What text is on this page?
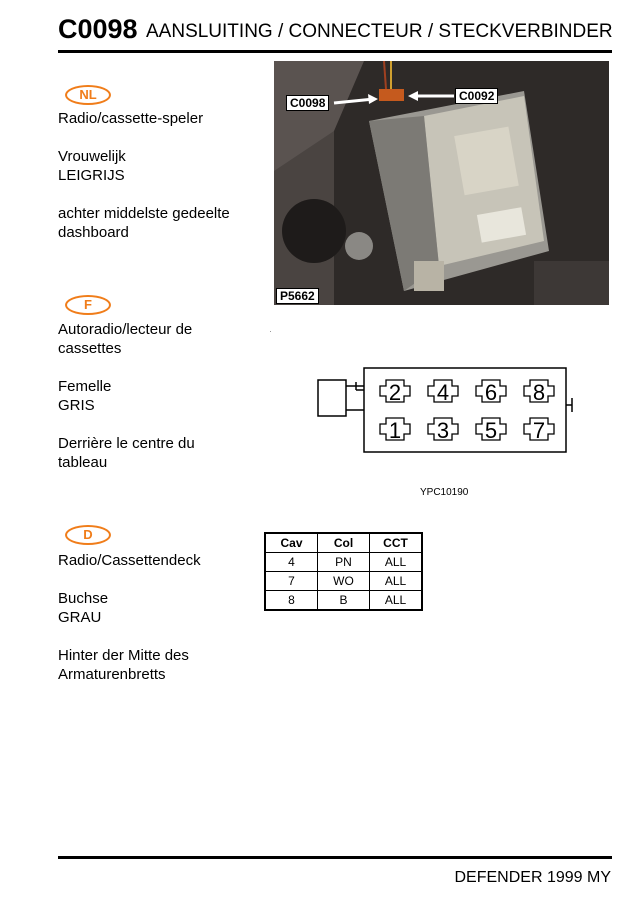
C0098 AANSLUITING / CONNECTEUR / STECKVERBINDER
NL
Radio/cassette-speler
Vrouwelijk
LEIGRIJS
achter middelste gedeelte
dashboard
F
Autoradio/lecteur de
cassettes
Femelle
GRIS
Derrière le centre du
tableau
D
Radio/Cassettendeck
Buchse
GRAU
Hinter der Mitte des
Armaturenbretts
C0098	C0092
P5662
2 4 6 8
1 3 5 7
YPC10190
Cav	Col	CCT
4	PN	ALL
7	WO	ALL
8	B	ALL
DEFENDER 1999 MY
